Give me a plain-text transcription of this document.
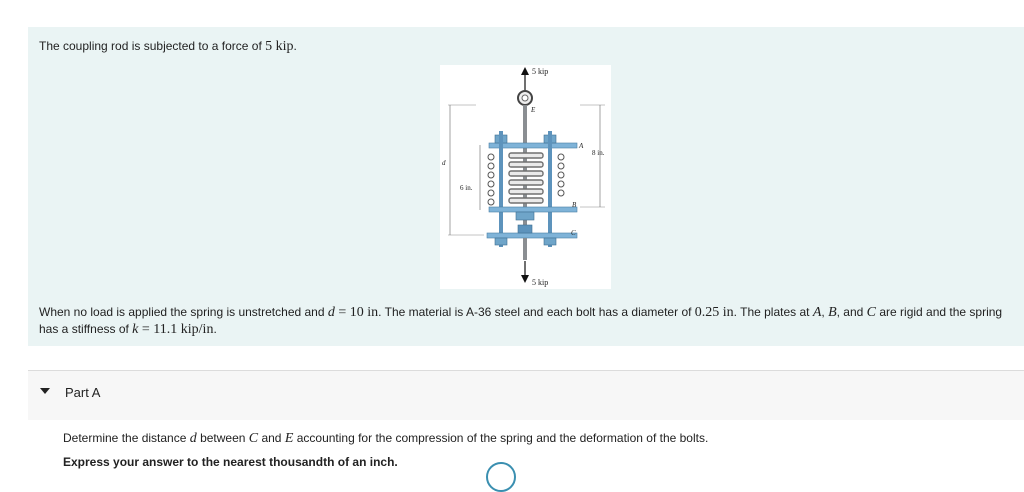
The coupling rod is subjected to a force of 5 kip.
5 kip
E
A
B
C
5 kip
d
6 in.
8 in.
When no load is applied the spring is unstretched and d = 10 in. The material is A-36 steel and each bolt has a diameter of 0.25 in. The plates at A, B, and C are rigid and the spring has a stiffness of k = 11.1 kip/in.
Part A
Determine the distance d between C and E accounting for the compression of the spring and the deformation of the bolts.
Express your answer to the nearest thousandth of an inch.
